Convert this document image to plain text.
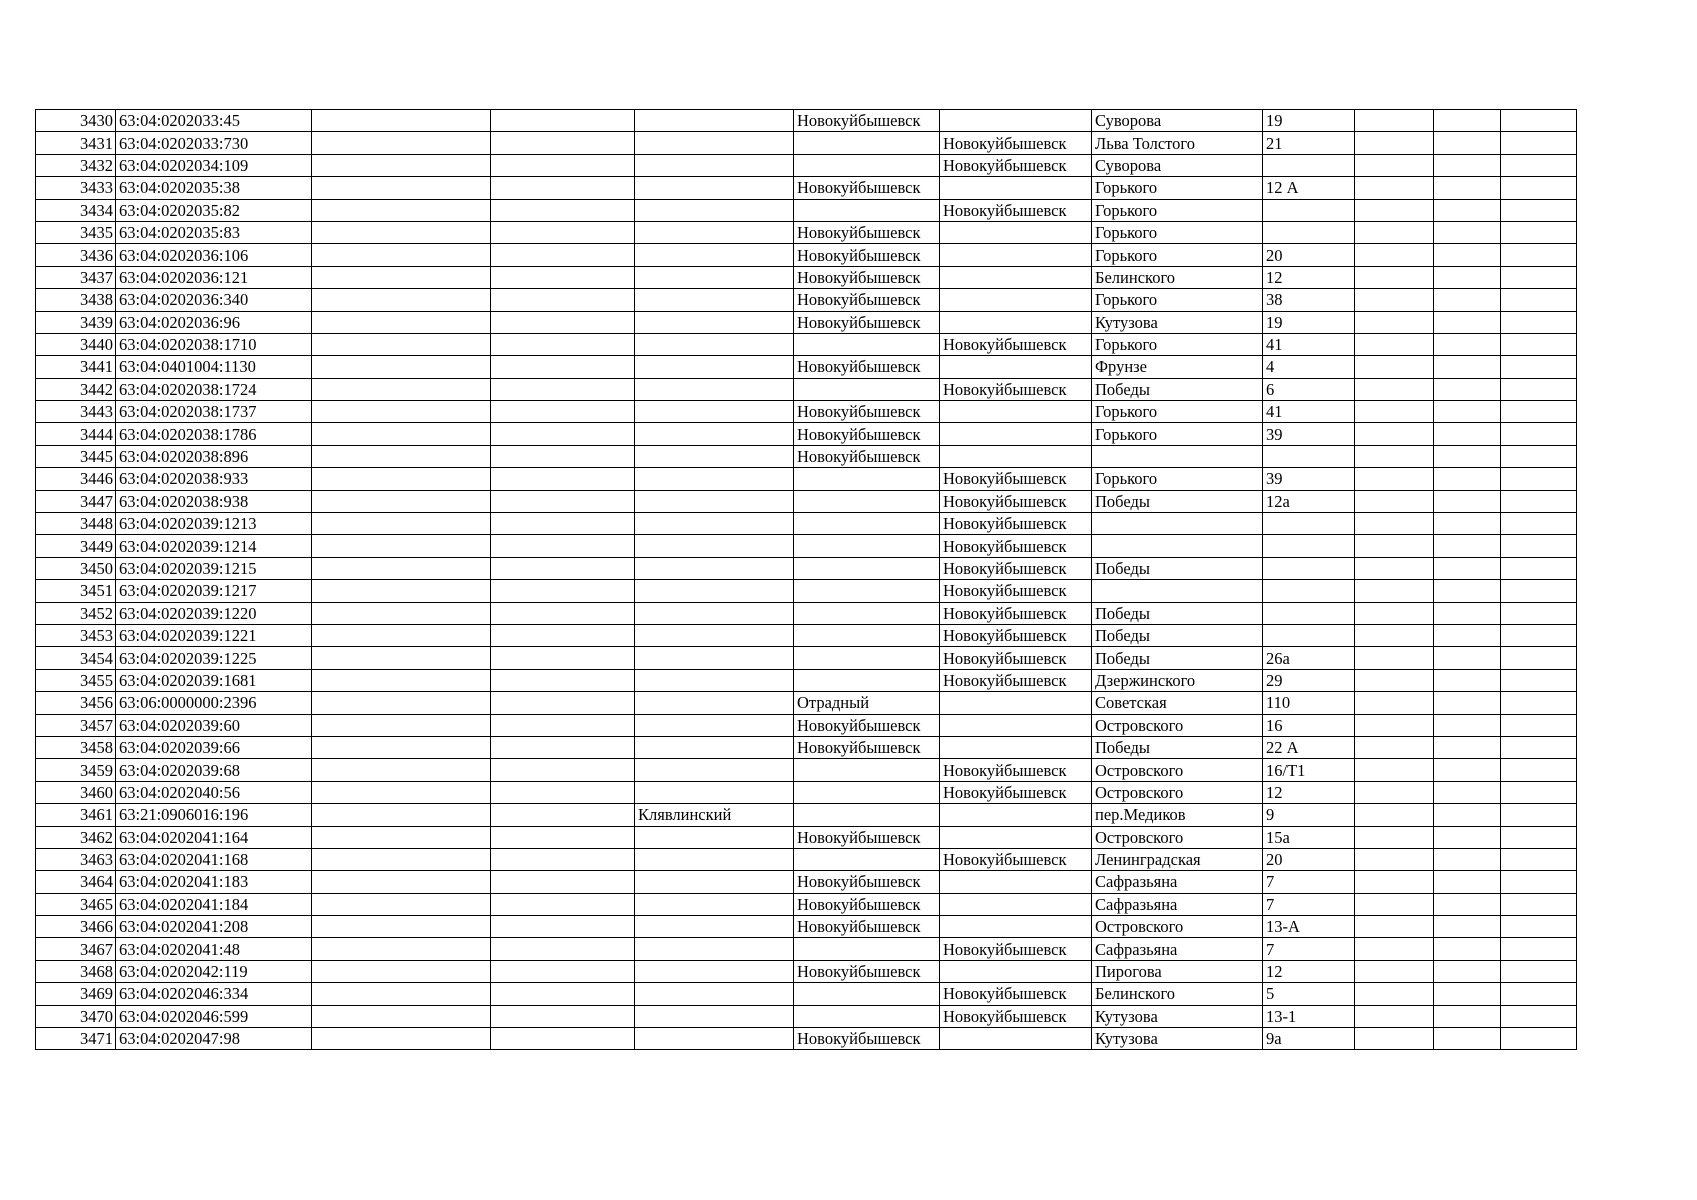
3430	63:04:0202033:45				Новокуйбышевск		Суворова	19			
3431	63:04:0202033:730					Новокуйбышевск	Льва Толстого	21			
3432	63:04:0202034:109					Новокуйбышевск	Суворова				
3433	63:04:0202035:38				Новокуйбышевск		Горького	12 А			
3434	63:04:0202035:82					Новокуйбышевск	Горького				
3435	63:04:0202035:83				Новокуйбышевск		Горького				
3436	63:04:0202036:106				Новокуйбышевск		Горького	20			
3437	63:04:0202036:121				Новокуйбышевск		Белинского	12			
3438	63:04:0202036:340				Новокуйбышевск		Горького	38			
3439	63:04:0202036:96				Новокуйбышевск		Кутузова	19			
3440	63:04:0202038:1710					Новокуйбышевск	Горького	41			
3441	63:04:0401004:1130				Новокуйбышевск		Фрунзе	4			
3442	63:04:0202038:1724					Новокуйбышевск	Победы	6			
3443	63:04:0202038:1737				Новокуйбышевск		Горького	41			
3444	63:04:0202038:1786				Новокуйбышевск		Горького	39			
3445	63:04:0202038:896				Новокуйбышевск						
3446	63:04:0202038:933					Новокуйбышевск	Горького	39			
3447	63:04:0202038:938					Новокуйбышевск	Победы	12а			
3448	63:04:0202039:1213					Новокуйбышевск					
3449	63:04:0202039:1214					Новокуйбышевск					
3450	63:04:0202039:1215					Новокуйбышевск	Победы				
3451	63:04:0202039:1217					Новокуйбышевск					
3452	63:04:0202039:1220					Новокуйбышевск	Победы				
3453	63:04:0202039:1221					Новокуйбышевск	Победы				
3454	63:04:0202039:1225					Новокуйбышевск	Победы	26а			
3455	63:04:0202039:1681					Новокуйбышевск	Дзержинского	29			
3456	63:06:0000000:2396				Отрадный		Советская	110			
3457	63:04:0202039:60				Новокуйбышевск		Островского	16			
3458	63:04:0202039:66				Новокуйбышевск		Победы	22 А			
3459	63:04:0202039:68					Новокуйбышевск	Островского	16/Т1			
3460	63:04:0202040:56					Новокуйбышевск	Островского	12			
3461	63:21:0906016:196			Клявлинский			пер.Медиков	9			
3462	63:04:0202041:164				Новокуйбышевск		Островского	15а			
3463	63:04:0202041:168					Новокуйбышевск	Ленинградская	20			
3464	63:04:0202041:183				Новокуйбышевск		Сафразьяна	7			
3465	63:04:0202041:184				Новокуйбышевск		Сафразьяна	7			
3466	63:04:0202041:208				Новокуйбышевск		Островского	13-А			
3467	63:04:0202041:48					Новокуйбышевск	Сафразьяна	7			
3468	63:04:0202042:119				Новокуйбышевск		Пирогова	12			
3469	63:04:0202046:334					Новокуйбышевск	Белинского	5			
3470	63:04:0202046:599					Новокуйбышевск	Кутузова	13-1			
3471	63:04:0202047:98				Новокуйбышевск		Кутузова	9а			
